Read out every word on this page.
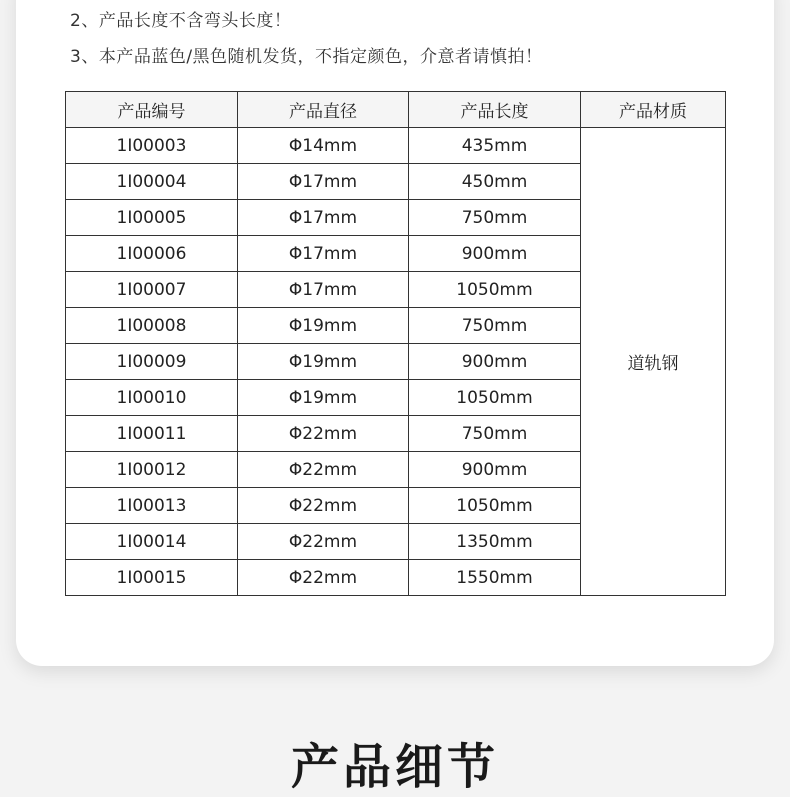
2、产品长度不含弯头长度！
3、本产品蓝色/黑色随机发货，不指定颜色，介意者请慎拍！
产品编号	产品直径	产品长度	产品材质
1I00003	Φ14mm	435mm	道轨钢
1I00004	Φ17mm	450mm	
1I00005	Φ17mm	750mm	
1I00006	Φ17mm	900mm	
1I00007	Φ17mm	1050mm	
1I00008	Φ19mm	750mm	
1I00009	Φ19mm	900mm	
1I00010	Φ19mm	1050mm	
1I00011	Φ22mm	750mm	
1I00012	Φ22mm	900mm	
1I00013	Φ22mm	1050mm	
1I00014	Φ22mm	1350mm	
1I00015	Φ22mm	1550mm	
产品细节
